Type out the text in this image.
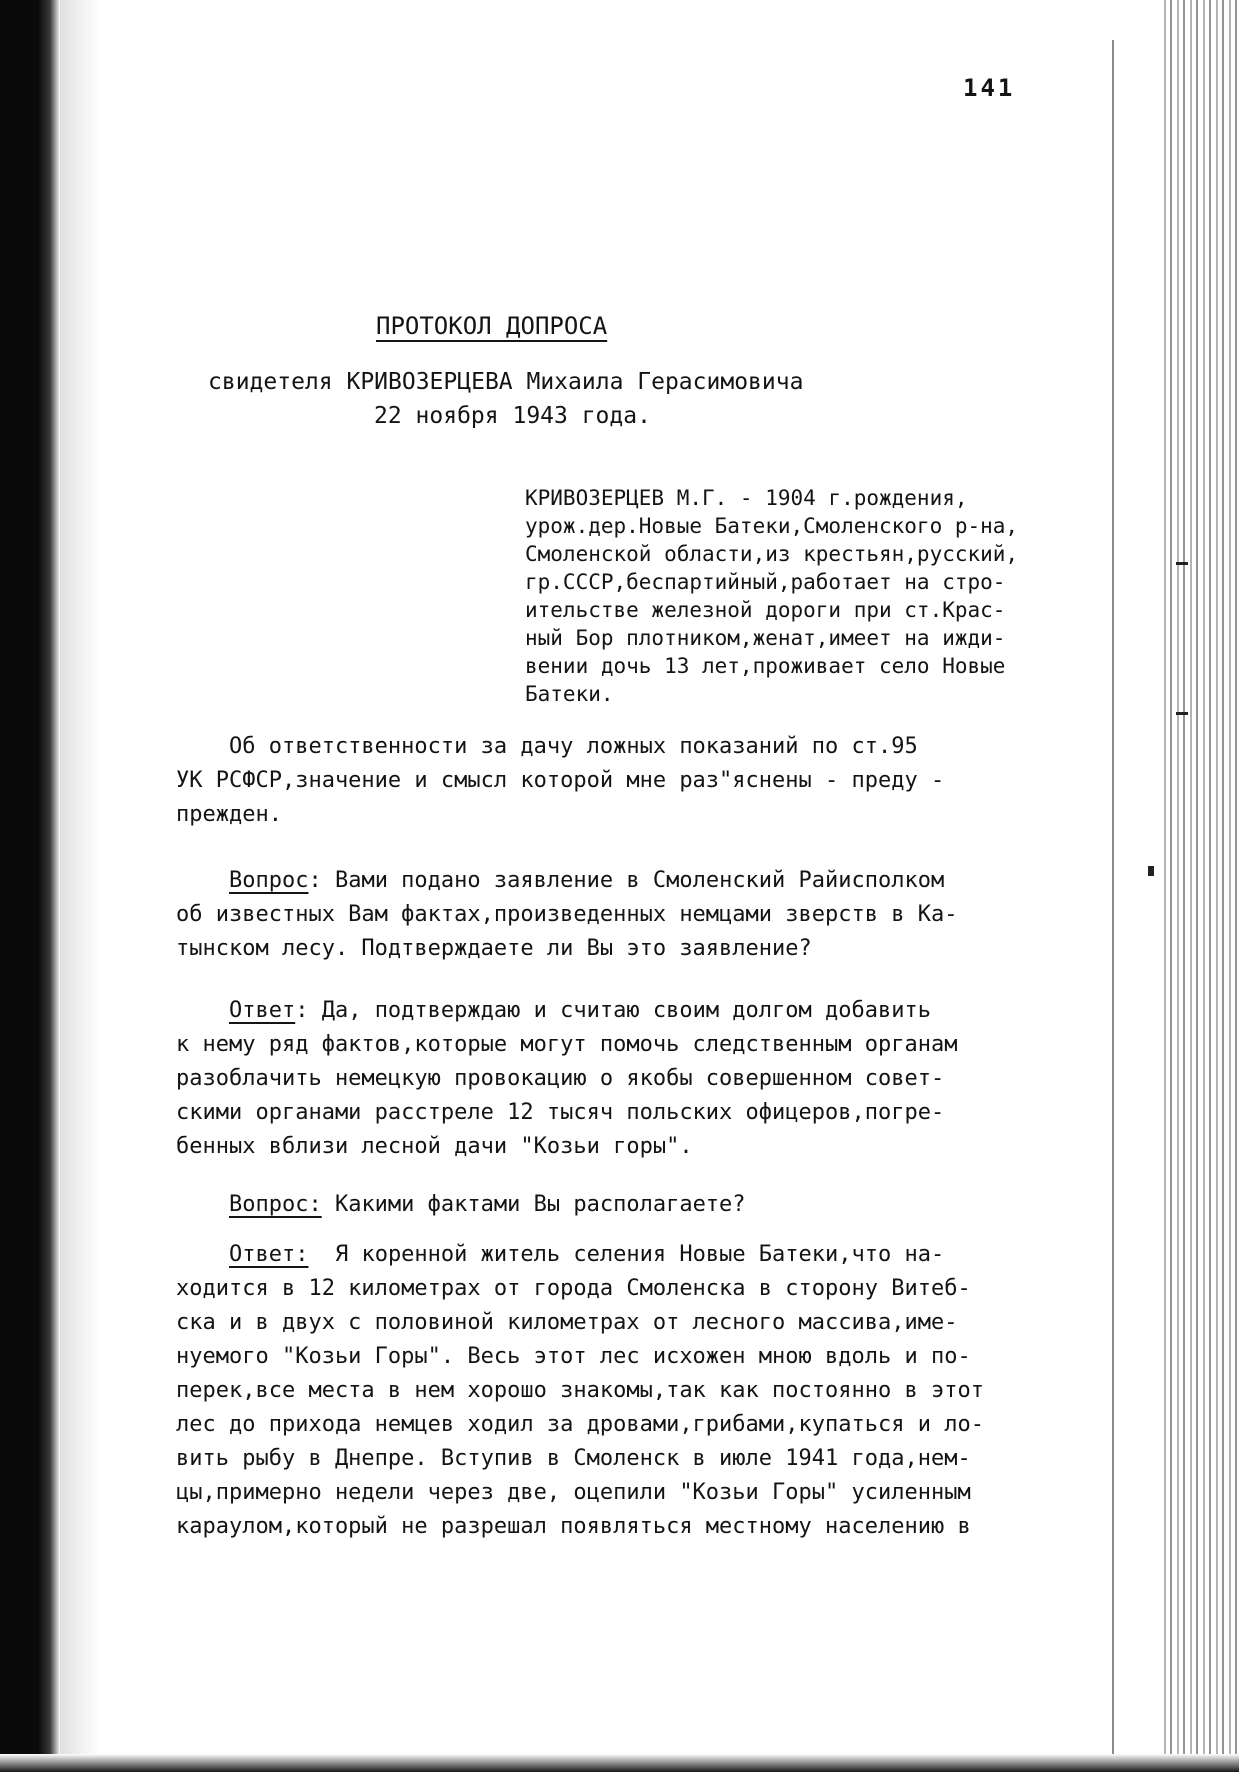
141
ПРОТОКОЛ ДОПРОСА
свидетеля КРИВОЗЕРЦЕВА Михаила Герасимовича
22 ноября 1943 года.
КРИВОЗЕРЦЕВ М.Г. - 1904 г.рождения,
урож.дер.Новые Батеки,Смоленского р-на,
Смоленской области,из крестьян,русский,
гр.СССР,беспартийный,работает на стро-
ительстве железной дороги при ст.Крас-
ный Бор плотником,женат,имеет на ижди-
вении дочь 13 лет,проживает село Новые
Батеки.
Об ответственности за дачу ложных показаний по ст.95
УК РСФСР,значение и смысл которой мне раз"яснены - преду -
прежден.
Вопрос: Вами подано заявление в Смоленский Райисполком
об известных Вам фактах,произведенных немцами зверств в Ка-
тынском лесу. Подтверждаете ли Вы это заявление?
Ответ: Да, подтверждаю и считаю своим долгом добавить
к нему ряд фактов,которые могут помочь следственным органам
разоблачить немецкую провокацию о якобы совершенном совет-
скими органами расстреле 12 тысяч польских офицеров,погре-
бенных вблизи лесной дачи "Козьи горы".
Вопрос: Какими фактами Вы располагаете?
Ответ:  Я коренной житель селения Новые Батеки,что на-
ходится в 12 километрах от города Смоленска в сторону Витеб-
ска и в двух с половиной километрах от лесного массива,име-
нуемого "Козьи Горы". Весь этот лес исхожен мною вдоль и по-
перек,все места в нем хорошо знакомы,так как постоянно в этот
лес до прихода немцев ходил за дровами,грибами,купаться и ло-
вить рыбу в Днепре. Вступив в Смоленск в июле 1941 года,нем-
цы,примерно недели через две, оцепили "Козьи Горы" усиленным
караулом,который не разрешал появляться местному населению в
